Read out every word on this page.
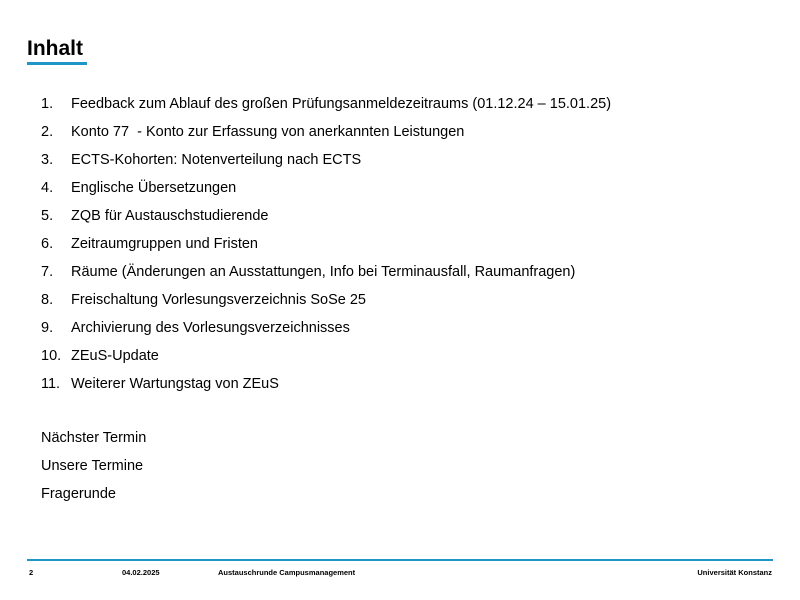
Inhalt
1.	Feedback zum Ablauf des großen Prüfungsanmeldezeitraums (01.12.24 – 15.01.25)
2.	Konto 77  - Konto zur Erfassung von anerkannten Leistungen
3.	ECTS-Kohorten: Notenverteilung nach ECTS
4.	Englische Übersetzungen
5.	ZQB für Austauschstudierende
6.	Zeitraumgruppen und Fristen
7.	Räume (Änderungen an Ausstattungen, Info bei Terminausfall, Raumanfragen)
8.	Freischaltung Vorlesungsverzeichnis SoSe 25
9.	Archivierung des Vorlesungsverzeichnisses
10. ZEuS-Update
11. Weiterer Wartungstag von ZEuS
Nächster Termin
Unsere Termine
Fragerunde
2	04.02.2025	Austauschrunde Campusmanagement	Universität Konstanz
